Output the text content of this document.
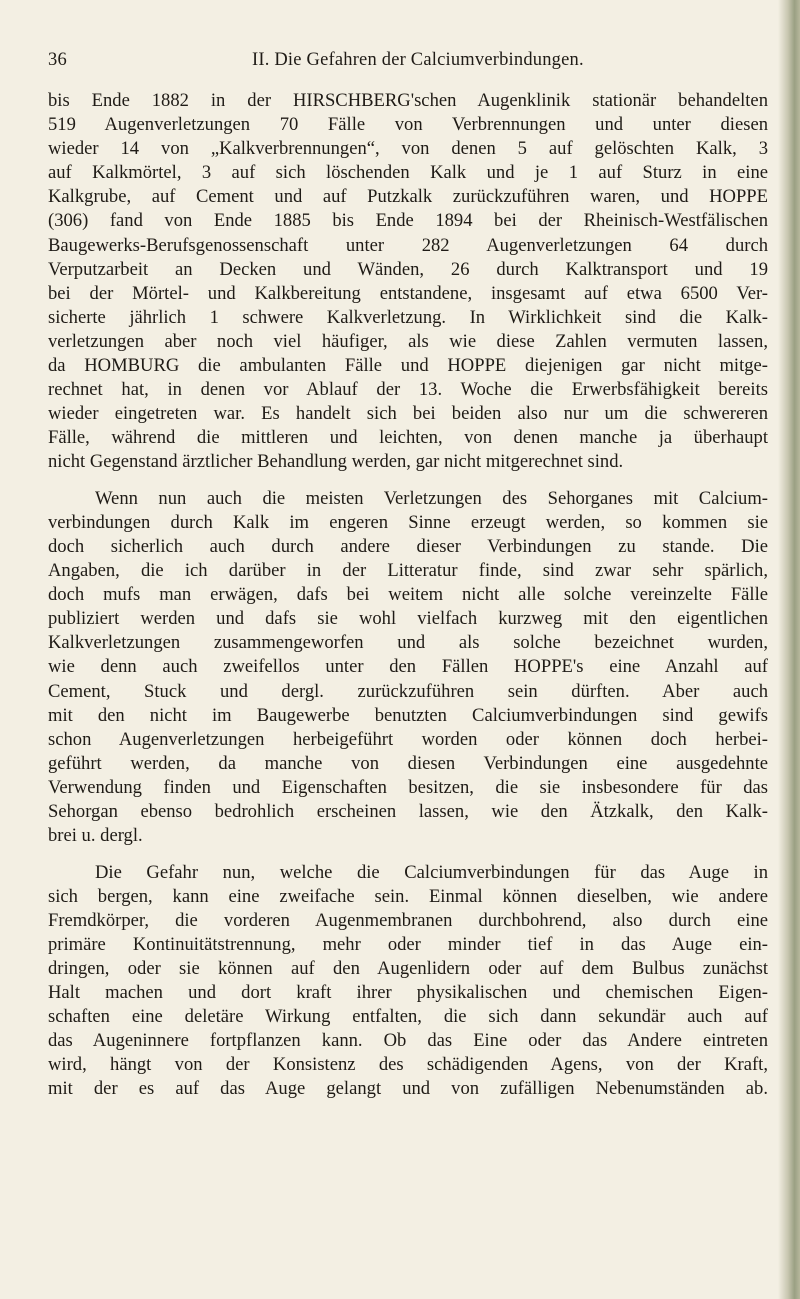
36	II. Die Gefahren der Calciumverbindungen.

bis Ende 1882 in der HIRSCHBERG'schen Augenklinik stationär behandelten

519 Augenverletzungen 70 Fälle von Verbrennungen und unter diesen

wieder 14 von „Kalkverbrennungen“, von denen 5 auf gelöschten Kalk, 3

auf Kalkmörtel, 3 auf sich löschenden Kalk und je 1 auf Sturz in eine

Kalkgrube, auf Cement und auf Putzkalk zurückzuführen waren, und HOPPE

(306) fand von Ende 1885 bis Ende 1894 bei der Rheinisch-Westfälischen

Baugewerks-Berufsgenossenschaft unter 282 Augenverletzungen 64 durch

Verputzarbeit an Decken und Wänden, 26 durch Kalktransport und 19

bei der Mörtel- und Kalkbereitung entstandene, insgesamt auf etwa 6500 Ver-

sicherte jährlich 1 schwere Kalkverletzung. In Wirklichkeit sind die Kalk-

verletzungen aber noch viel häufiger, als wie diese Zahlen vermuten lassen,

da HOMBURG die ambulanten Fälle und HOPPE diejenigen gar nicht mitge-

rechnet hat, in denen vor Ablauf der 13. Woche die Erwerbsfähigkeit bereits

wieder eingetreten war. Es handelt sich bei beiden also nur um die schwereren

Fälle, während die mittleren und leichten, von denen manche ja überhaupt

nicht Gegenstand ärztlicher Behandlung werden, gar nicht mitgerechnet sind.

Wenn nun auch die meisten Verletzungen des Sehorganes mit Calcium-

verbindungen durch Kalk im engeren Sinne erzeugt werden, so kommen sie

doch sicherlich auch durch andere dieser Verbindungen zu stande. Die

Angaben, die ich darüber in der Litteratur finde, sind zwar sehr spärlich,

doch mufs man erwägen, dafs bei weitem nicht alle solche vereinzelte Fälle

publiziert werden und dafs sie wohl vielfach kurzweg mit den eigentlichen

Kalkverletzungen zusammengeworfen und als solche bezeichnet wurden,

wie denn auch zweifellos unter den Fällen HOPPE's eine Anzahl auf

Cement, Stuck und dergl. zurückzuführen sein dürften. Aber auch

mit den nicht im Baugewerbe benutzten Calciumverbindungen sind gewifs

schon Augenverletzungen herbeigeführt worden oder können doch herbei-

geführt werden, da manche von diesen Verbindungen eine ausgedehnte

Verwendung finden und Eigenschaften besitzen, die sie insbesondere für das

Sehorgan ebenso bedrohlich erscheinen lassen, wie den Ätzkalk, den Kalk-

brei u. dergl.

Die Gefahr nun, welche die Calciumverbindungen für das Auge in

sich bergen, kann eine zweifache sein. Einmal können dieselben, wie andere

Fremdkörper, die vorderen Augenmembranen durchbohrend, also durch eine

primäre Kontinuitätstrennung, mehr oder minder tief in das Auge ein-

dringen, oder sie können auf den Augenlidern oder auf dem Bulbus zunächst

Halt machen und dort kraft ihrer physikalischen und chemischen Eigen-

schaften eine deletäre Wirkung entfalten, die sich dann sekundär auch auf

das Augeninnere fortpflanzen kann. Ob das Eine oder das Andere eintreten

wird, hängt von der Konsistenz des schädigenden Agens, von der Kraft,

mit der es auf das Auge gelangt und von zufälligen Nebenumständen ab.
